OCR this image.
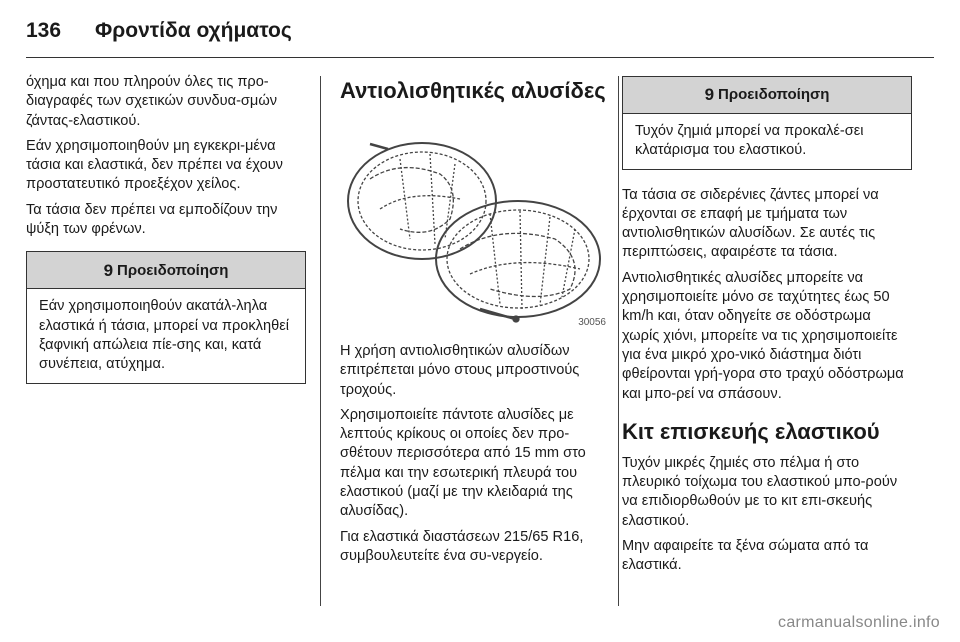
136 Φροντίδα οχήματος

όχημα και που πληρούν όλες τις προ-διαγραφές των σχετικών συνδυα-σμών ζάντας-ελαστικού.

Εάν χρησιμοποιηθούν μη εγκεκρι-μένα τάσια και ελαστικά, δεν πρέπει να έχουν προστατευτικό προεξέχον χείλος.

Τα τάσια δεν πρέπει να εμποδίζουν την ψύξη των φρένων.

9 Προειδοποίηση
Εάν χρησιμοποιηθούν ακατάλ-ληλα ελαστικά ή τάσια, μπορεί να προκληθεί ξαφνική απώλεια πίε-σης και, κατά συνέπεια, ατύχημα.
Αντιολισθητικές αλυσίδες
30056

Η χρήση αντιολισθητικών αλυσίδων επιτρέπεται μόνο στους μπροστινούς τροχούς.

Χρησιμοποιείτε πάντοτε αλυσίδες με λεπτούς κρίκους οι οποίες δεν προ-σθέτουν περισσότερα από 15 mm στο πέλμα και την εσωτερική πλευρά του ελαστικού (μαζί με την κλειδαριά της αλυσίδας).

Για ελαστικά διαστάσεων 215/65 R16, συμβουλευτείτε ένα συ-νεργείο.

9 Προειδοποίηση
Τυχόν ζημιά μπορεί να προκαλέ-σει κλατάρισμα του ελαστικού.

Τα τάσια σε σιδερένιες ζάντες μπορεί να έρχονται σε επαφή με τμήματα των αντιολισθητικών αλυσίδων. Σε αυτές τις περιπτώσεις, αφαιρέστε τα τάσια.

Αντιολισθητικές αλυσίδες μπορείτε να χρησιμοποιείτε μόνο σε ταχύτητες έως 50 km/h και, όταν οδηγείτε σε οδόστρωμα χωρίς χιόνι, μπορείτε να τις χρησιμοποιείτε για ένα μικρό χρο-νικό διάστημα διότι φθείρονται γρή-γορα στο τραχύ οδόστρωμα και μπο-ρεί να σπάσουν.

Κιτ επισκευής ελαστικού

Τυχόν μικρές ζημιές στο πέλμα ή στο πλευρικό τοίχωμα του ελαστικού μπο-ρούν να επιδιορθωθούν με το κιτ επι-σκευής ελαστικού.

Μην αφαιρείτε τα ξένα σώματα από τα ελαστικά.

carmanualsonline.info
